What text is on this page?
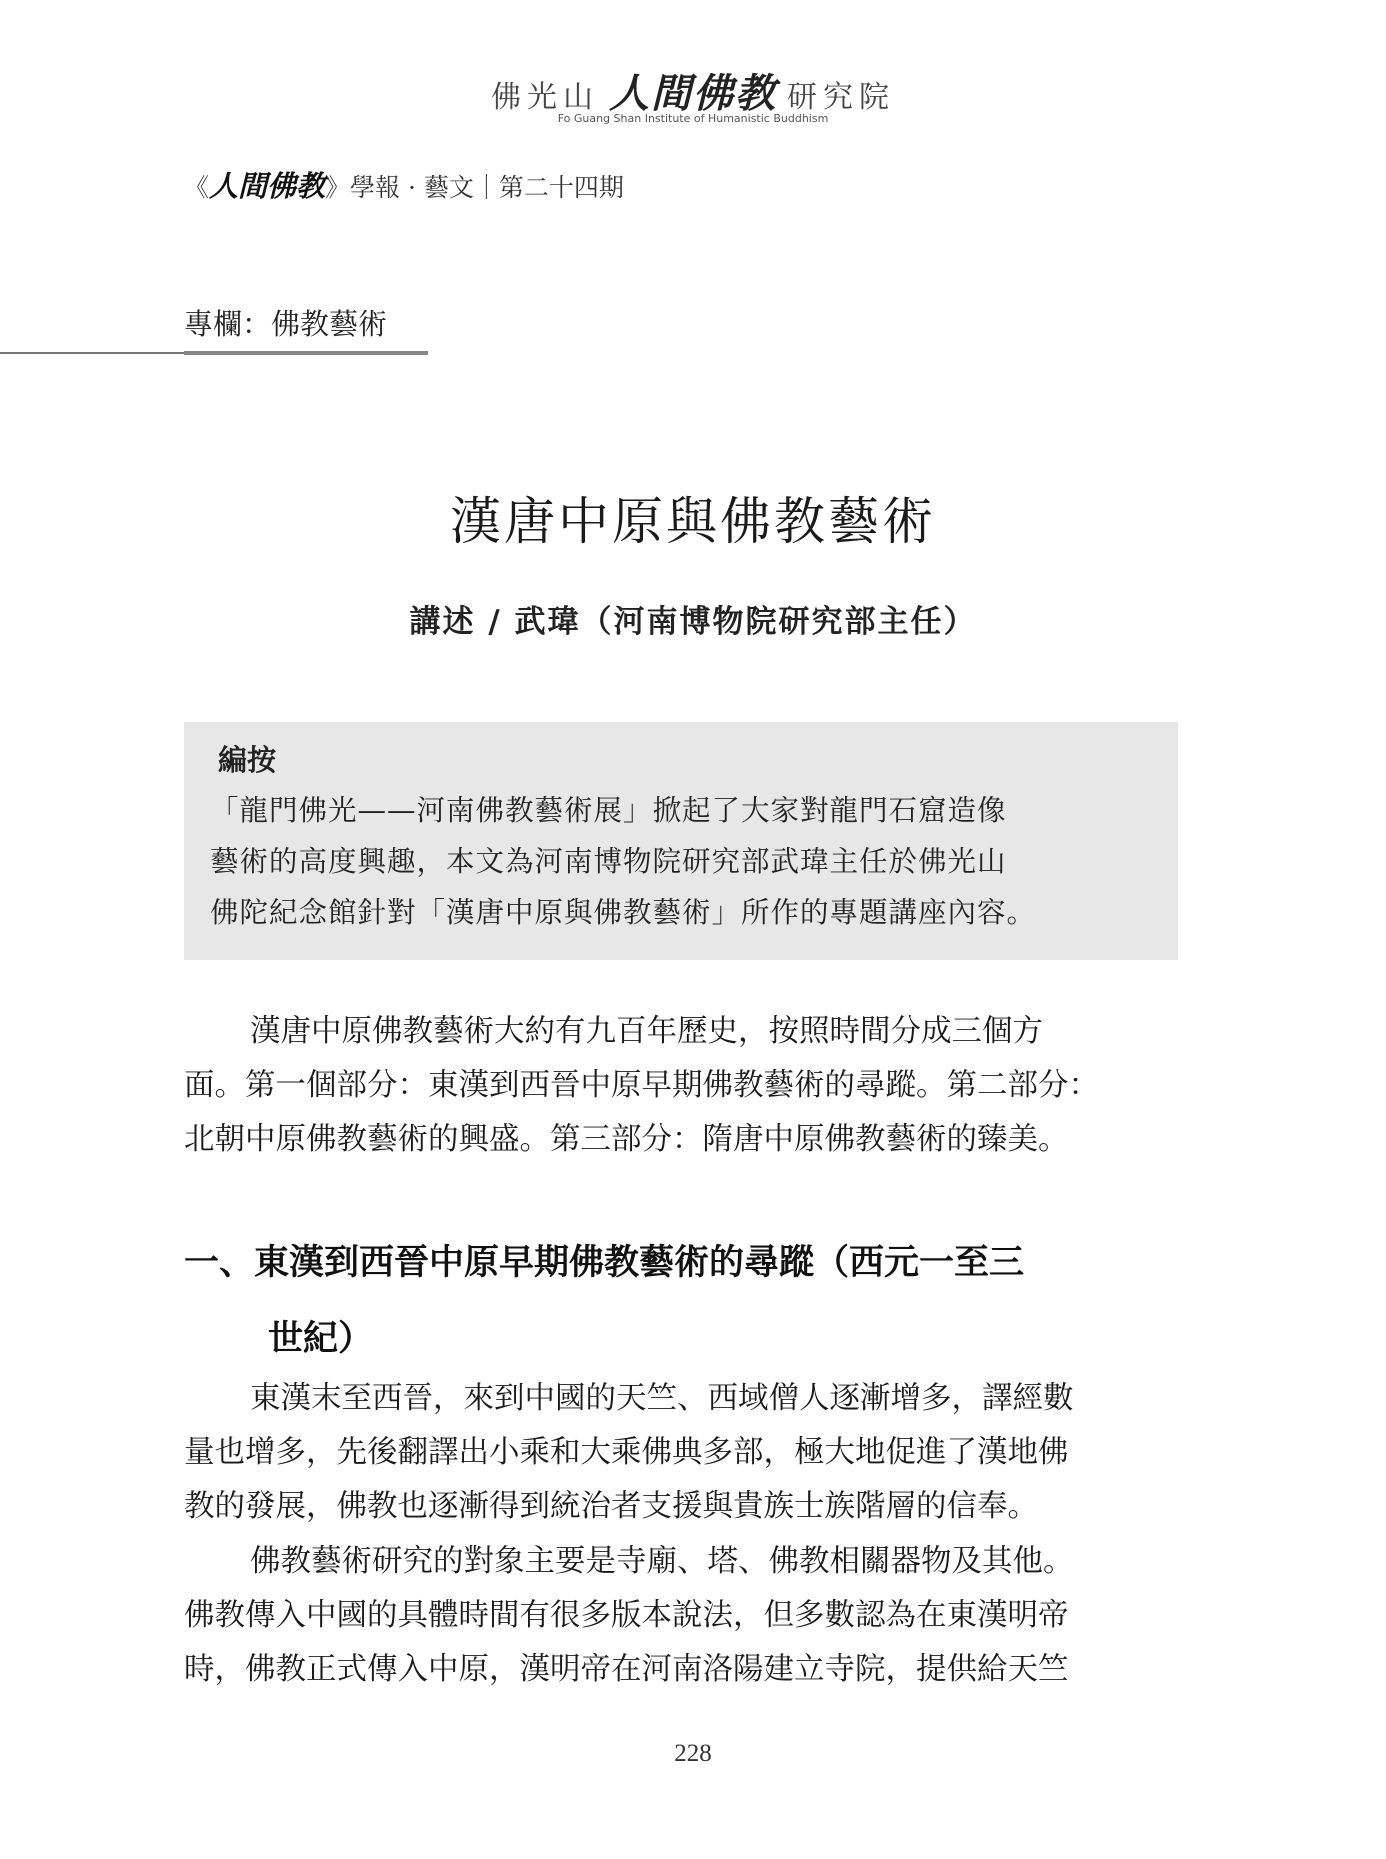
佛光山 人間佛教 研究院
Fo Guang Shan Institute of Humanistic Buddhism
《人間佛教》學報 · 藝文｜第二十四期
專欄：佛教藝術
漢唐中原與佛教藝術
講述 / 武瑋（河南博物院研究部主任）
編按
「龍門佛光——河南佛教藝術展」掀起了大家對龍門石窟造像
藝術的高度興趣，本文為河南博物院研究部武瑋主任於佛光山
佛陀紀念館針對「漢唐中原與佛教藝術」所作的專題講座內容。
漢唐中原佛教藝術大約有九百年歷史，按照時間分成三個方
面。第一個部分：東漢到西晉中原早期佛教藝術的尋蹤。第二部分：
北朝中原佛教藝術的興盛。第三部分：隋唐中原佛教藝術的臻美。
一、東漢到西晉中原早期佛教藝術的尋蹤（西元一至三
世紀）
東漢末至西晉，來到中國的天竺、西域僧人逐漸增多，譯經數
量也增多，先後翻譯出小乘和大乘佛典多部，極大地促進了漢地佛
教的發展，佛教也逐漸得到統治者支援與貴族士族階層的信奉。
佛教藝術研究的對象主要是寺廟、塔、佛教相關器物及其他。
佛教傳入中國的具體時間有很多版本說法，但多數認為在東漢明帝
時，佛教正式傳入中原，漢明帝在河南洛陽建立寺院，提供給天竺
228
